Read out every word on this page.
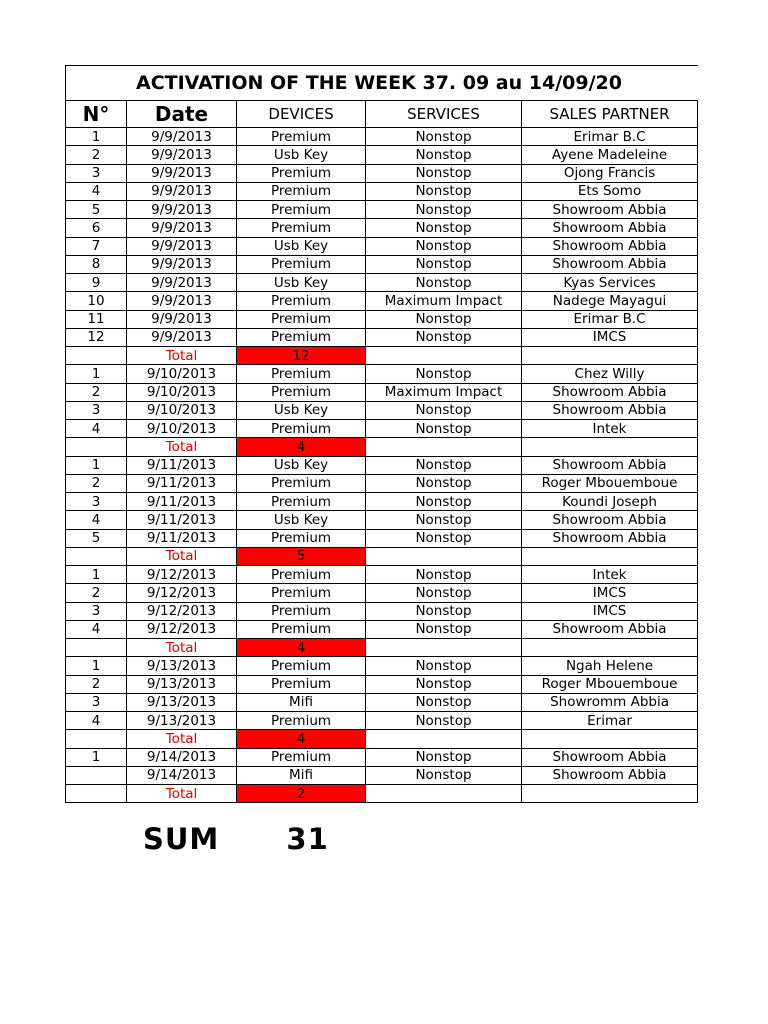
ACTIVATION OF THE WEEK 37. 09 au 14/09/20				
N°	Date	DEVICES	SERVICES	SALES PARTNER
1	9/9/2013	Premium	Nonstop	Erimar B.C
2	9/9/2013	Usb Key	Nonstop	Ayene Madeleine
3	9/9/2013	Premium	Nonstop	Ojong Francis
4	9/9/2013	Premium	Nonstop	Ets Somo
5	9/9/2013	Premium	Nonstop	Showroom Abbia
6	9/9/2013	Premium	Nonstop	Showroom Abbia
7	9/9/2013	Usb Key	Nonstop	Showroom Abbia
8	9/9/2013	Premium	Nonstop	Showroom Abbia
9	9/9/2013	Usb Key	Nonstop	Kyas Services
10	9/9/2013	Premium	Maximum Impact	Nadege Mayagui
11	9/9/2013	Premium	Nonstop	Erimar B.C
12	9/9/2013	Premium	Nonstop	IMCS
	Total	12		
1	9/10/2013	Premium	Nonstop	Chez Willy
2	9/10/2013	Premium	Maximum Impact	Showroom Abbia
3	9/10/2013	Usb Key	Nonstop	Showroom Abbia
4	9/10/2013	Premium	Nonstop	Intek
	Total	4		
1	9/11/2013	Usb Key	Nonstop	Showroom Abbia
2	9/11/2013	Premium	Nonstop	Roger Mbouemboue
3	9/11/2013	Premium	Nonstop	Koundi Joseph
4	9/11/2013	Usb Key	Nonstop	Showroom Abbia
5	9/11/2013	Premium	Nonstop	Showroom Abbia
	Total	5		
1	9/12/2013	Premium	Nonstop	Intek
2	9/12/2013	Premium	Nonstop	IMCS
3	9/12/2013	Premium	Nonstop	IMCS
4	9/12/2013	Premium	Nonstop	Showroom Abbia
	Total	4		
1	9/13/2013	Premium	Nonstop	Ngah Helene
2	9/13/2013	Premium	Nonstop	Roger Mbouemboue
3	9/13/2013	Mifi	Nonstop	Showromm Abbia
4	9/13/2013	Premium	Nonstop	Erimar
	Total	4		
1	9/14/2013	Premium	Nonstop	Showroom Abbia
	9/14/2013	Mifi	Nonstop	Showroom Abbia
	Total	2		
SUM 31
